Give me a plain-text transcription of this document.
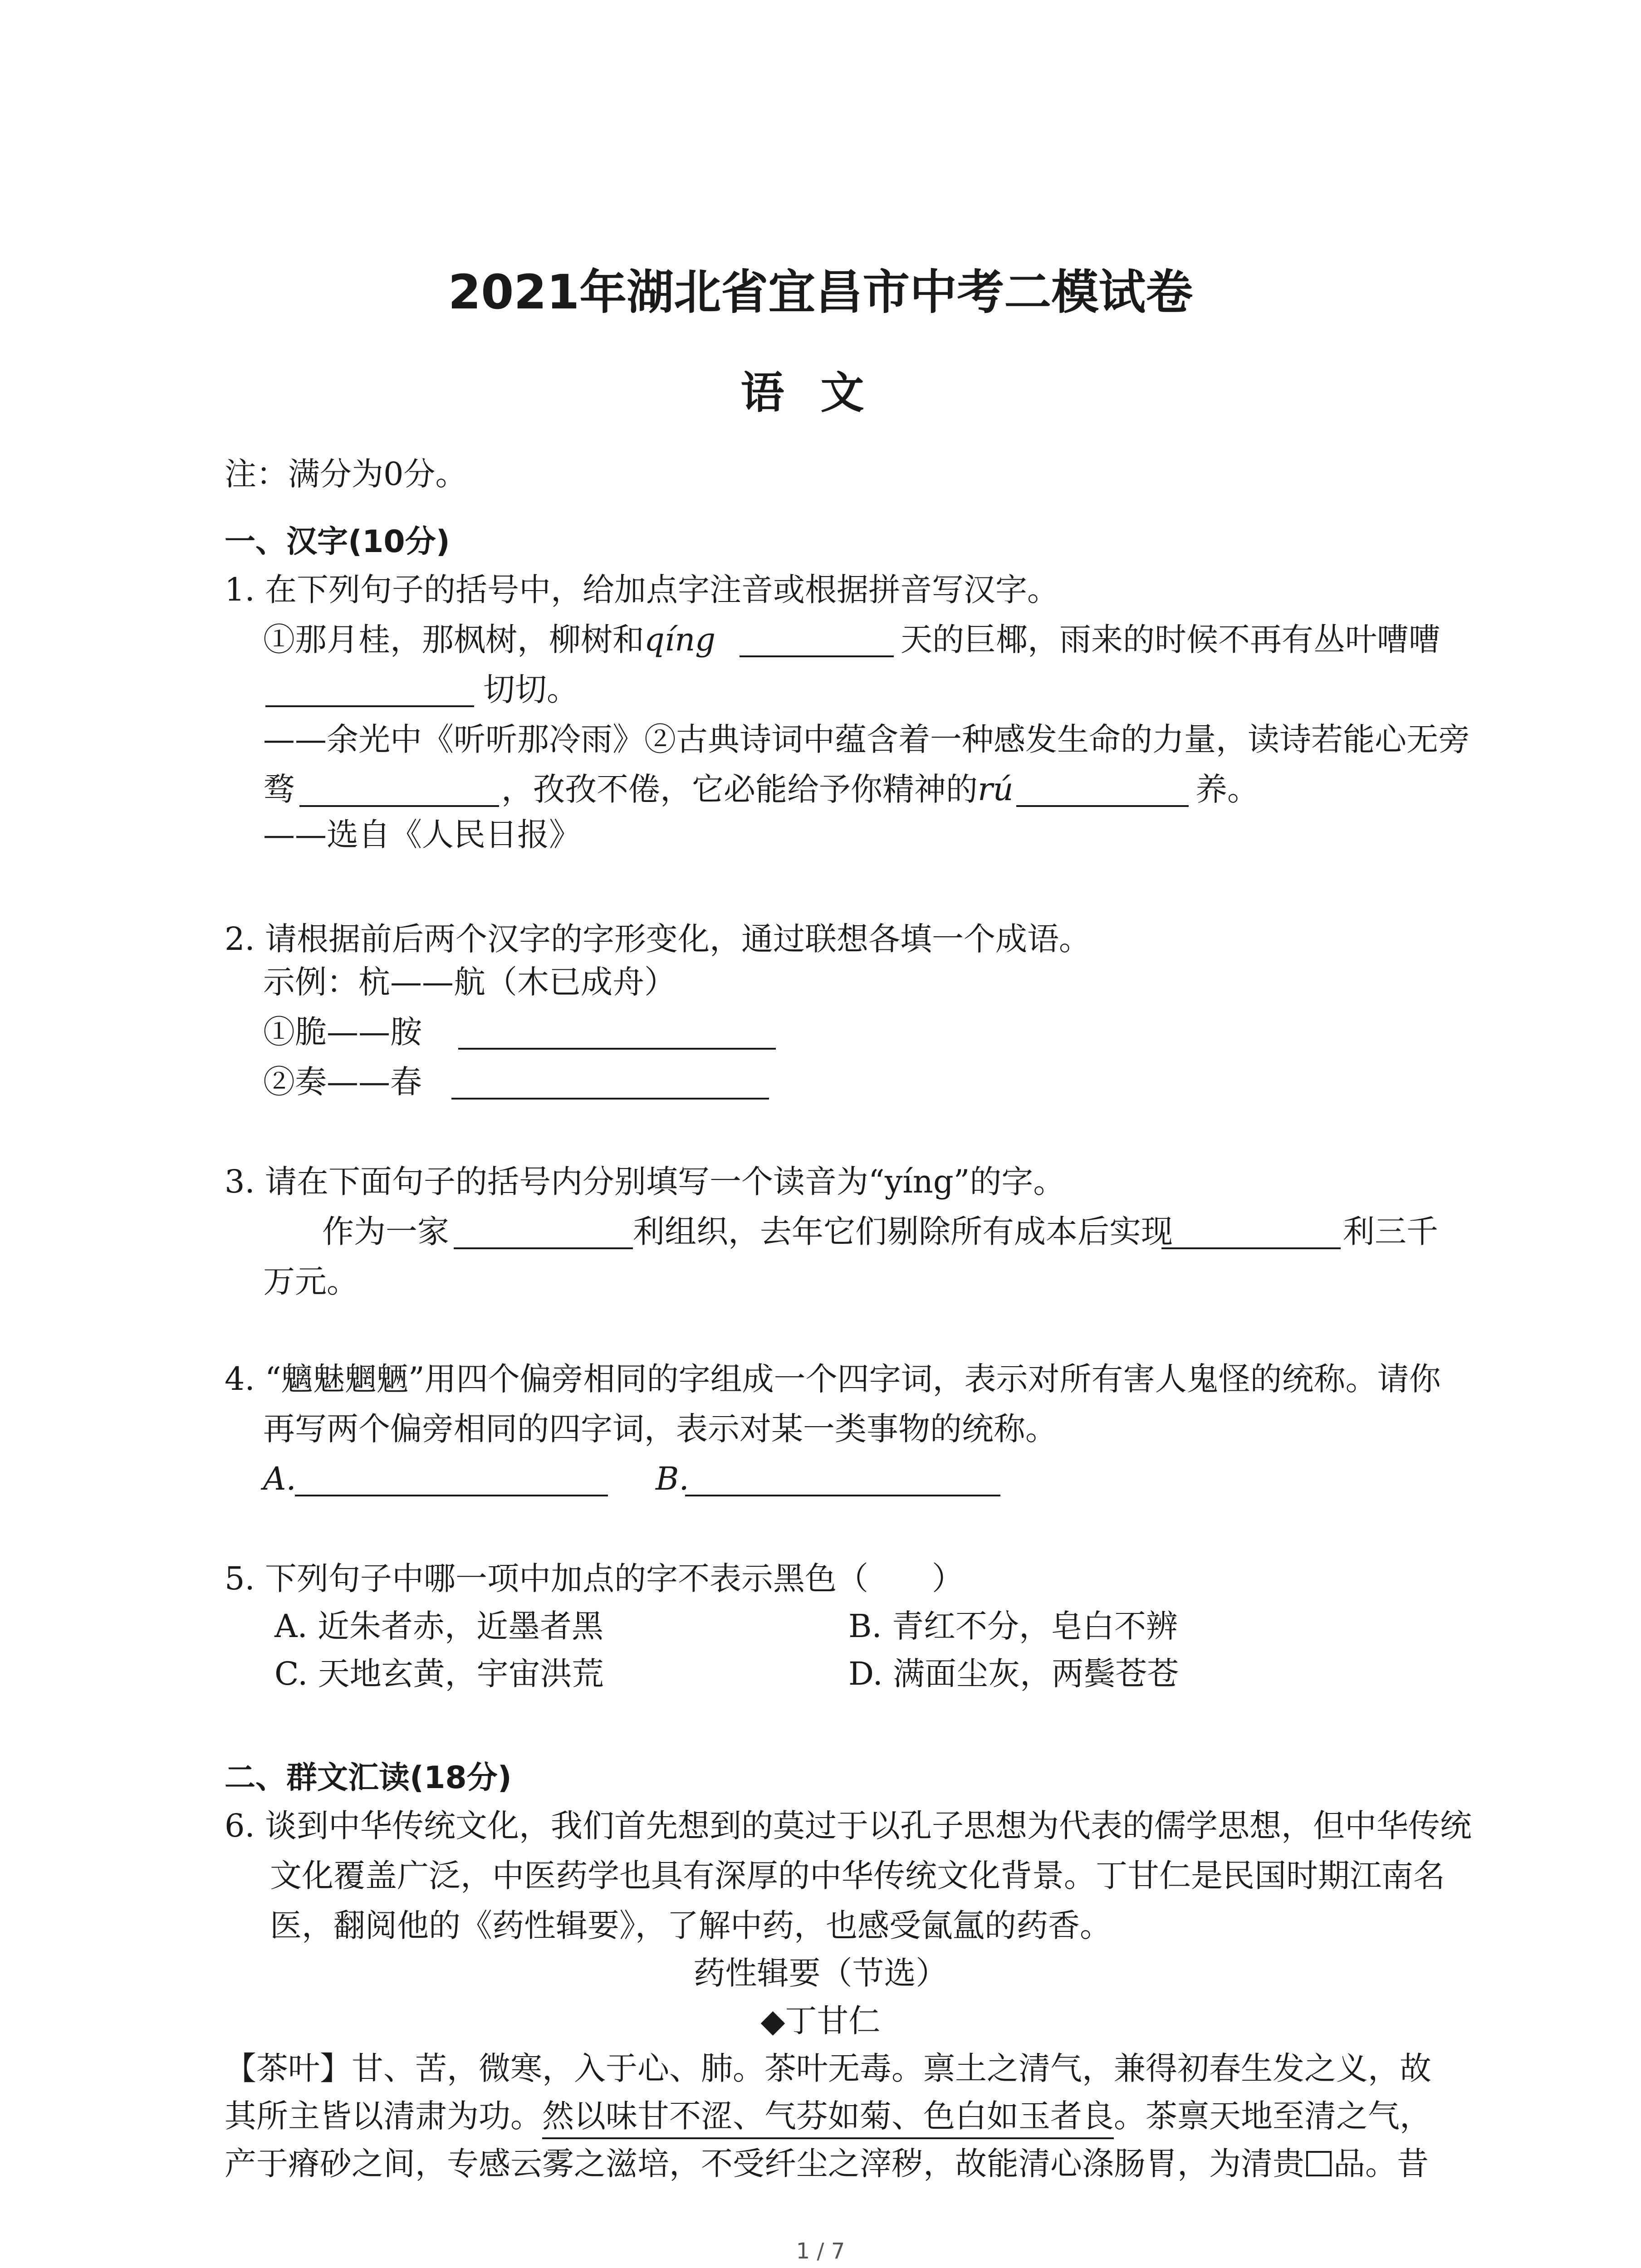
2021年湖北省宜昌市中考二模试卷
语文
注：满分为0分。
一、汉字(10分)
1. 在下列句子的括号中，给加点字注音或根据拼音写汉字。
①那月桂，那枫树，柳树和qíng	天的巨椰，雨来的时候不再有丛叶嘈嘈
切切。
——余光中《听听那冷雨》②古典诗词中蕴含着一种感发生命的力量，读诗若能心无旁
骛	，孜孜不倦，它必能给予你精神的rú	养。
——选自《人民日报》
2. 请根据前后两个汉字的字形变化，通过联想各填一个成语。
示例：杭——航（木已成舟）
①脆——胺
②奏——春
3. 请在下面句子的括号内分别填写一个读音为“yíng”的字。
作为一家	利组织，去年它们剔除所有成本后实现	利三千
万元。
4. “魑魅魍魉”用四个偏旁相同的字组成一个四字词，表示对所有害人鬼怪的统称。请你
再写两个偏旁相同的四字词，表示对某一类事物的统称。
A.	B.
5. 下列句子中哪一项中加点的字不表示黑色（　　）
A. 近朱者赤，近墨者黑	B. 青红不分，皂白不辨
C. 天地玄黄，宇宙洪荒	D. 满面尘灰，两鬓苍苍
二、群文汇读(18分)
6. 谈到中华传统文化，我们首先想到的莫过于以孔子思想为代表的儒学思想，但中华传统
文化覆盖广泛，中医药学也具有深厚的中华传统文化背景。丁甘仁是民国时期江南名
医，翻阅他的《药性辑要》，了解中药，也感受氤氲的药香。
药性辑要（节选）
◆丁甘仁
【茶叶】甘、苦，微寒，入于心、肺。茶叶无毒。禀土之清气，兼得初春生发之义，故
其所主皆以清肃为功。然以味甘不涩、气芬如菊、色白如玉者良。茶禀天地至清之气，
产于瘠砂之间，专感云雾之滋培，不受纤尘之滓秽，故能清心涤肠胃，为清贵 品。昔
1 / 7
